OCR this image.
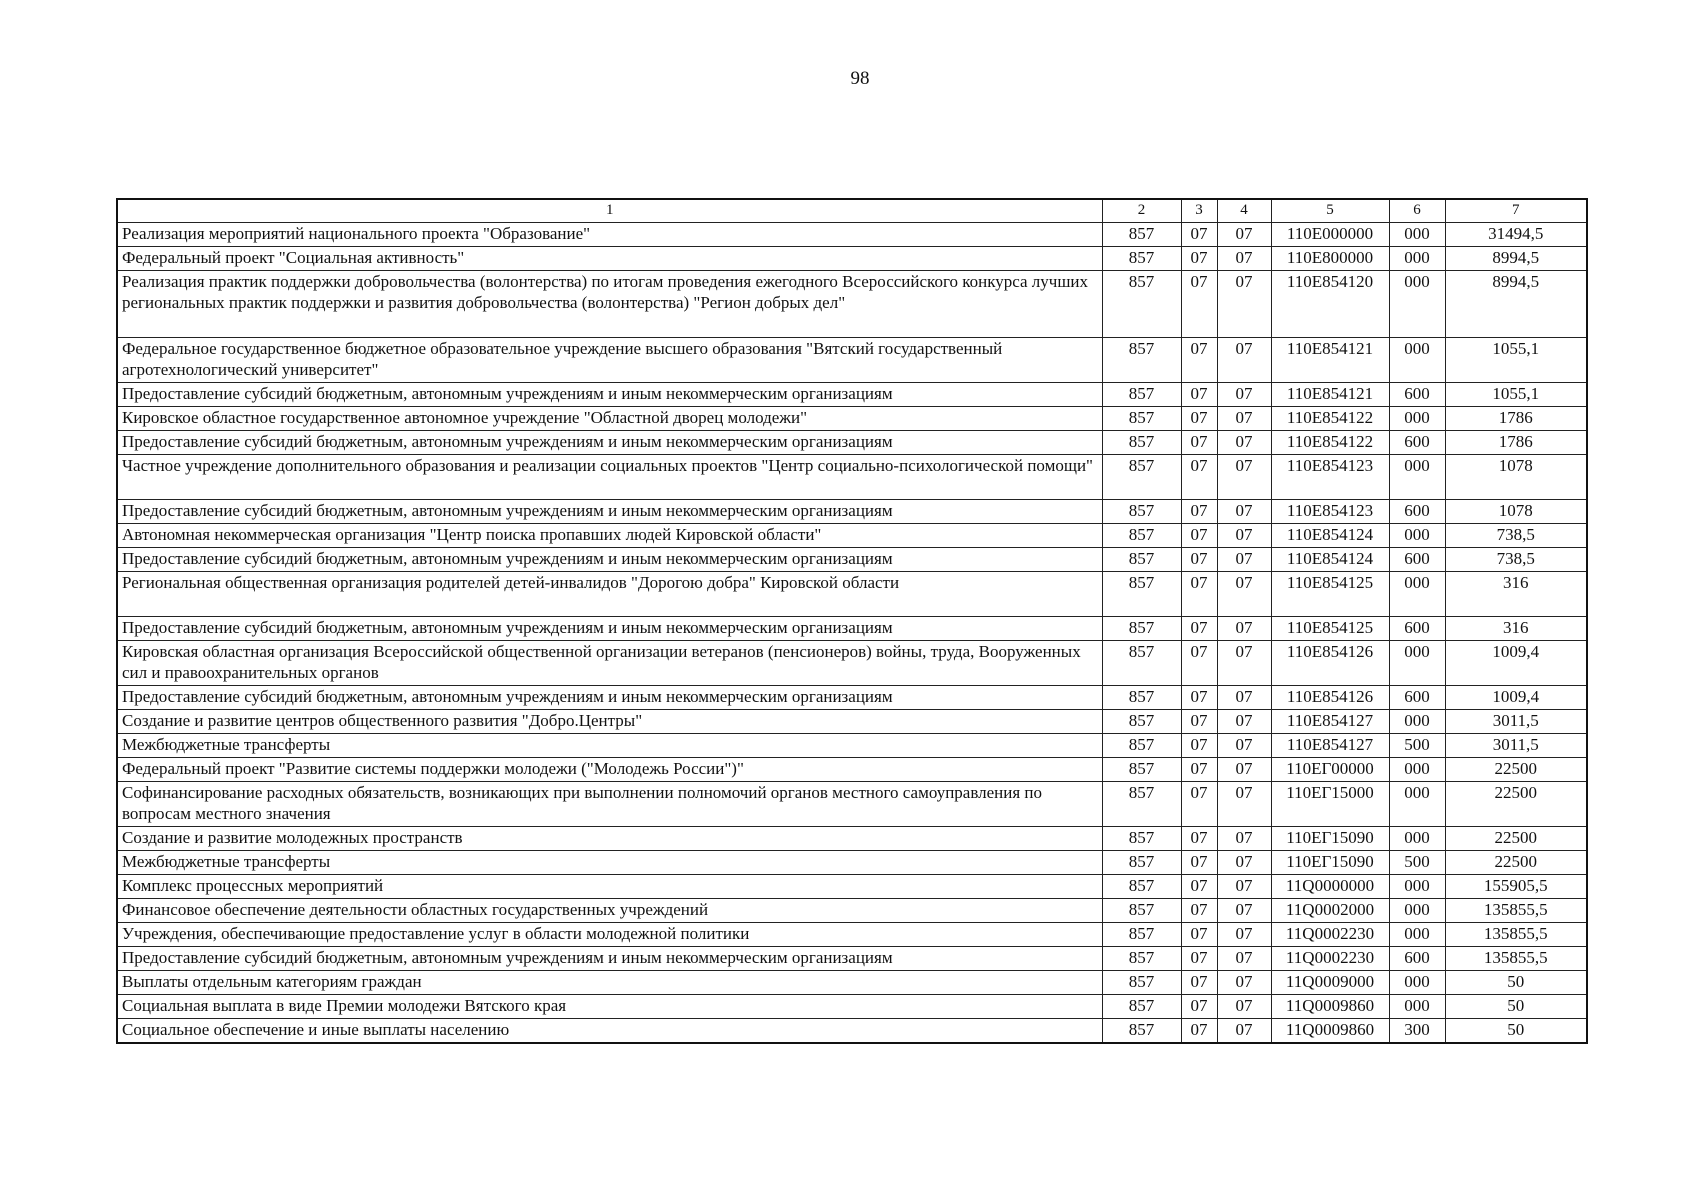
98
1	2	3	4	5	6	7
Реализация мероприятий национального проекта "Образование"	857	07	07	110Е000000	000	31494,5
Федеральный проект "Социальная активность"	857	07	07	110Е800000	000	8994,5
Реализация практик поддержки добровольчества (волонтерства) по итогам проведения ежегодного Всероссийского конкурса лучших региональных практик поддержки и развития добровольчества (волонтерства) "Регион добрых дел"	857	07	07	110Е854120	000	8994,5
Федеральное государственное бюджетное образовательное учреждение высшего образования "Вятский государственный агротехнологический университет"	857	07	07	110Е854121	000	1055,1
Предоставление субсидий бюджетным, автономным учреждениям и иным некоммерческим организациям	857	07	07	110Е854121	600	1055,1
Кировское областное государственное автономное учреждение "Областной дворец молодежи"	857	07	07	110Е854122	000	1786
Предоставление субсидий бюджетным, автономным учреждениям и иным некоммерческим организациям	857	07	07	110Е854122	600	1786
Частное учреждение дополнительного образования и реализации социальных проектов "Центр социально-психологической помощи"	857	07	07	110Е854123	000	1078
Предоставление субсидий бюджетным, автономным учреждениям и иным некоммерческим организациям	857	07	07	110Е854123	600	1078
Автономная некоммерческая организация "Центр поиска пропавших людей Кировской области"	857	07	07	110Е854124	000	738,5
Предоставление субсидий бюджетным, автономным учреждениям и иным некоммерческим организациям	857	07	07	110Е854124	600	738,5
Региональная общественная организация родителей детей-инвалидов "Дорогою добра" Кировской области	857	07	07	110Е854125	000	316
Предоставление субсидий бюджетным, автономным учреждениям и иным некоммерческим организациям	857	07	07	110Е854125	600	316
Кировская областная организация Всероссийской общественной организации ветеранов (пенсионеров) войны, труда, Вооруженных сил и правоохранительных органов	857	07	07	110Е854126	000	1009,4
Предоставление субсидий бюджетным, автономным учреждениям и иным некоммерческим организациям	857	07	07	110Е854126	600	1009,4
Создание и развитие центров общественного развития "Добро.Центры"	857	07	07	110Е854127	000	3011,5
Межбюджетные трансферты	857	07	07	110Е854127	500	3011,5
Федеральный проект "Развитие системы поддержки молодежи ("Молодежь России")"	857	07	07	110ЕГ00000	000	22500
Софинансирование расходных обязательств, возникающих при выполнении полномочий органов местного самоуправления по вопросам местного значения	857	07	07	110ЕГ15000	000	22500
Создание и развитие молодежных пространств	857	07	07	110ЕГ15090	000	22500
Межбюджетные трансферты	857	07	07	110ЕГ15090	500	22500
Комплекс процессных мероприятий	857	07	07	11Q0000000	000	155905,5
Финансовое обеспечение деятельности областных государственных учреждений	857	07	07	11Q0002000	000	135855,5
Учреждения, обеспечивающие предоставление услуг в области молодежной политики	857	07	07	11Q0002230	000	135855,5
Предоставление субсидий бюджетным, автономным учреждениям и иным некоммерческим организациям	857	07	07	11Q0002230	600	135855,5
Выплаты отдельным категориям граждан	857	07	07	11Q0009000	000	50
Социальная выплата в виде Премии молодежи Вятского края	857	07	07	11Q0009860	000	50
Социальное обеспечение и иные выплаты населению	857	07	07	11Q0009860	300	50
